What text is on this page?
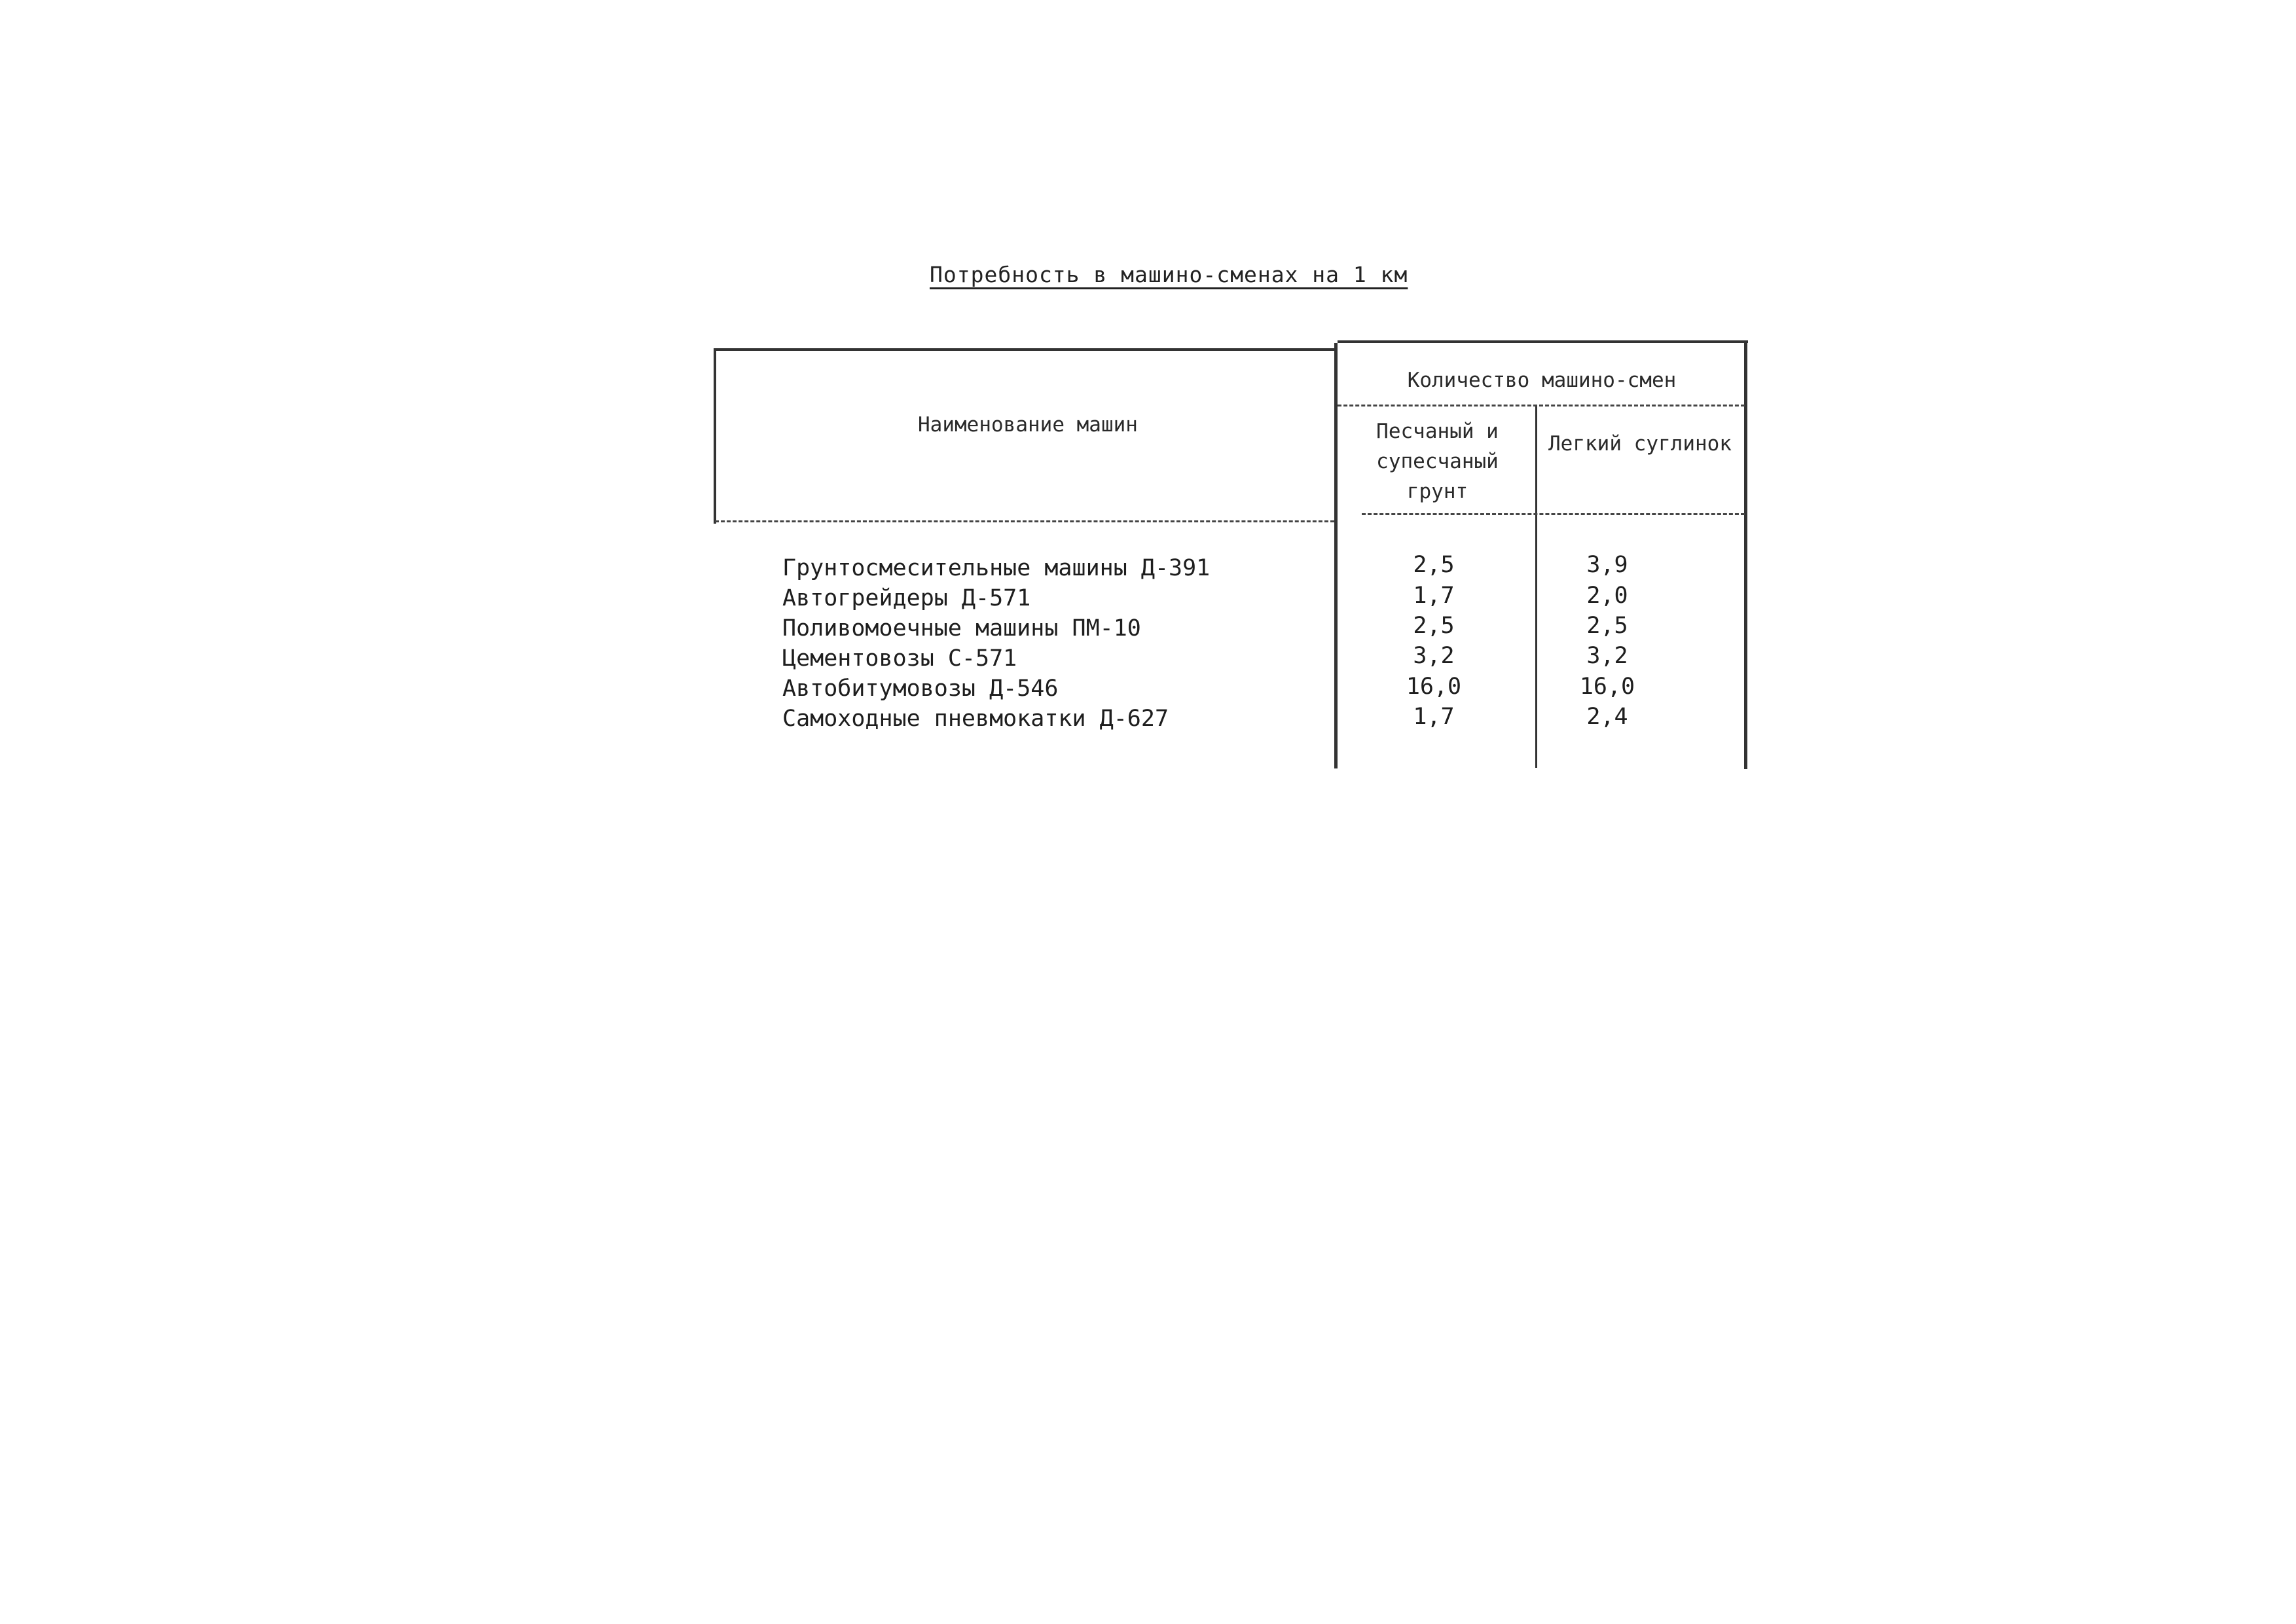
Потребность в машино-сменах на 1 км
Наименование машин
Количество машино-смен
Песчаный и супесчаный грунт
Легкий суглинок
Грунтосмесительные машины Д-391	2,5	3,9
Автогрейдеры Д-571	1,7	2,0
Поливомоечные машины ПМ-10	2,5	2,5
Цементовозы С-571	3,2	3,2
Автобитумовозы Д-546	16,0	16,0
Самоходные пневмокатки Д-627	1,7	2,4
